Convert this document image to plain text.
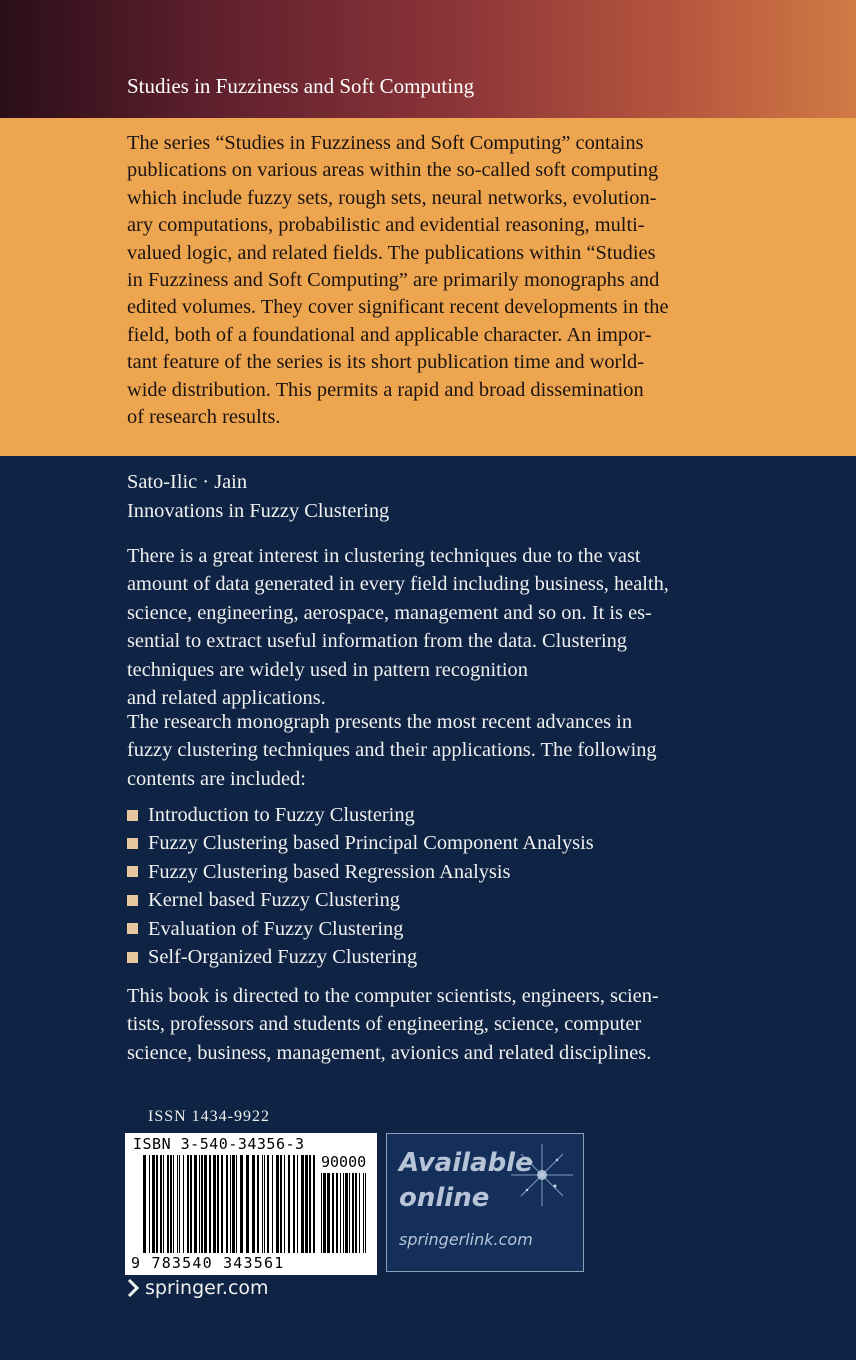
Studies in Fuzziness and Soft Computing
The series “Studies in Fuzziness and Soft Computing” contains
publications on various areas within the so-called soft computing
which include fuzzy sets, rough sets, neural networks, evolution-
ary computations, probabilistic and evidential reasoning, multi-
valued logic, and related fields. The publications within “Studies
in Fuzziness and Soft Computing” are primarily monographs and
edited volumes. They cover significant recent developments in the
field, both of a foundational and applicable character. An impor-
tant feature of the series is its short publication time and world-
wide distribution. This permits a rapid and broad dissemination
of research results.
Sato-Ilic · Jain
Innovations in Fuzzy Clustering
There is a great interest in clustering techniques due to the vast
amount of data generated in every field including business, health,
science, engineering, aerospace, management and so on. It is es-
sential to extract useful information from the data. Clustering
techniques are widely used in pattern recognition
and related applications.
The research monograph presents the most recent advances in
fuzzy clustering techniques and their applications. The following
contents are included:
Introduction to Fuzzy Clustering
Fuzzy Clustering based Principal Component Analysis
Fuzzy Clustering based Regression Analysis
Kernel based Fuzzy Clustering
Evaluation of Fuzzy Clustering
Self-Organized Fuzzy Clustering
This book is directed to the computer scientists, engineers, scien-
tists, professors and students of engineering, science, computer
science, business, management, avionics and related disciplines.
ISSN 1434-9922
ISBN 3-540-34356-3
90000
9 783540 343561
Available
online
springerlink.com
springer.com
